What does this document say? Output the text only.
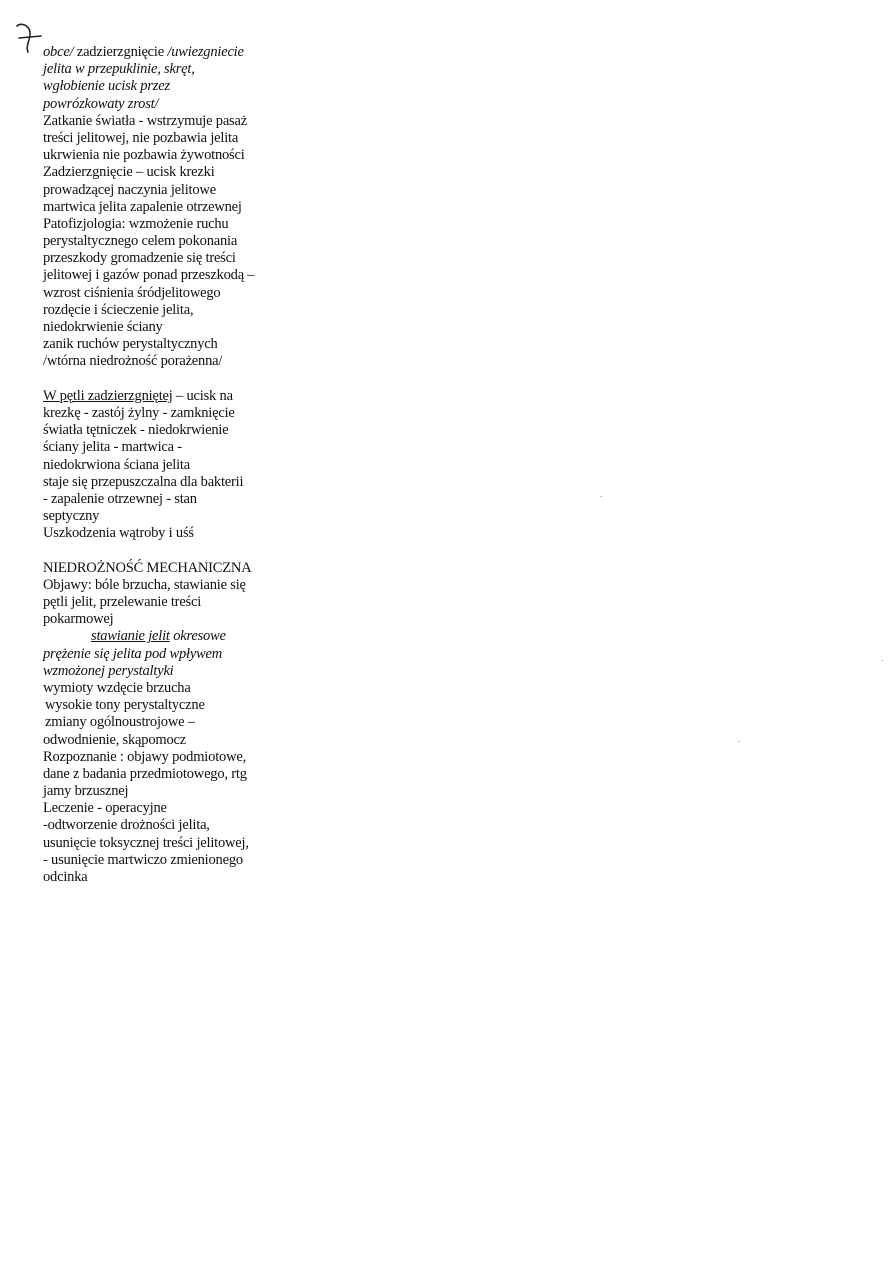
obce/ zadzierzgnięcie /uwiezgniecie
jelita w przepuklinie, skręt,
wgłobienie ucisk przez
powrózkowaty zrost/
Zatkanie światła - wstrzymuje pasaż
treści jelitowej, nie pozbawia jelita
ukrwienia nie pozbawia żywotności
Zadzierzgnięcie – ucisk krezki
prowadzącej naczynia jelitowe
martwica jelita zapalenie otrzewnej
Patofizjologia: wzmożenie ruchu
perystaltycznego celem pokonania
przeszkody gromadzenie się treści
jelitowej i gazów ponad przeszkodą –
wzrost ciśnienia śródjelitowego
rozdęcie i ścieczenie jelita,
niedokrwienie ściany
zanik ruchów perystaltycznych
/wtórna niedrożność porażenna/
W pętli zadzierzgniętej – ucisk na
krezkę - zastój żylny - zamknięcie
światła tętniczek - niedokrwienie
ściany jelita - martwica -
niedokrwiona ściana jelita
staje się przepuszczalna dla bakterii
- zapalenie otrzewnej - stan
septyczny
Uszkodzenia wątroby i uśś
NIEDROŻNOŚĆ MECHANICZNA
Objawy: bóle brzucha, stawianie się
pętli jelit, przelewanie treści
pokarmowej
stawianie jelit okresowe
prężenie się jelita pod wpływem
wzmożonej perystaltyki
wymioty wzdęcie brzucha
wysokie tony perystaltyczne
zmiany ogólnoustrojowe –
odwodnienie, skąpomocz
Rozpoznanie : objawy podmiotowe,
dane z badania przedmiotowego, rtg
jamy brzusznej
Leczenie - operacyjne
-odtworzenie drożności jelita,
usunięcie toksycznej treści jelitowej,
- usunięcie martwiczo zmienionego
odcinka
